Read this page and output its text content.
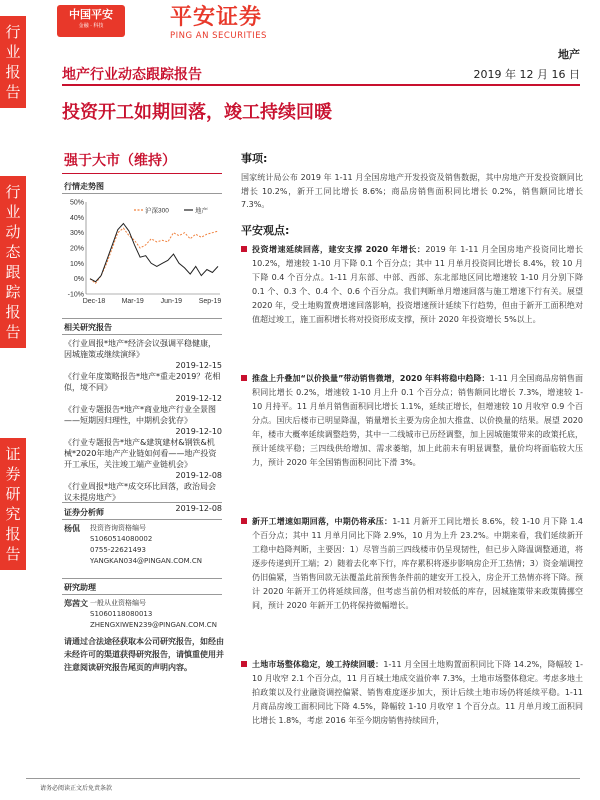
行
业
报
告
行
业
动
态
跟
踪
报
告
证
券
研
究
报
告
中国平安
金融 · 科技	平安证券
PING AN SECURITIES
地产
地产行业动态跟踪报告	2019 年 12 月 16 日
投资开工如期回落，竣工持续回暖
强于大市（维持）
行情走势图
-10%
0%
10%
20%
30%
40%
50%
Dec-18 Mar-19 Jun-19 Sep-19
沪深300	地产
相关研究报告
《行业周报*地产*经济会议强调平稳健康，因城施策或继续演绎》
2019-12-15
《行业年度策略报告*地产*重走2019？花相似，境不同》
2019-12-12
《行业专题报告*地产*商业地产行业全景图——短期因归理性，中期机会犹存》
2019-12-10
《行业专题报告*地产&建筑建材&钢铁&机械*2020年地产产业链如何看——地产投资开工承压，关注竣工端产业链机会》
2019-12-08
《行业周报*地产*成交环比回落，政治局会议未提房地产》
2019-12-08
证券分析师
杨侃 投资咨询资格编号
S1060514080002
0755-22621493
YANGKAN034@PINGAN.COM.CN
研究助理
郑茜文 一般从业资格编号
S1060118080013
ZHENGXIWEN239@PINGAN.COM.CN
请通过合法途径获取本公司研究报告，如经由未经许可的渠道获得研究报告，请慎重使用并注意阅读研究报告尾页的声明内容。
事项:
国家统计局公布 2019 年 1-11 月全国房地产开发投资及销售数据，其中房地产开发投资额同比增长 10.2%，新开工同比增长 8.6%；商品房销售面积同比增长 0.2%，销售额同比增长 7.3%。
平安观点:
投资增速延续回落，建安支撑 2020 年增长：2019 年 1-11 月全国房地产投资同比增长 10.2%，增速较 1-10 月下降 0.1 个百分点；其中 11 月单月投资同比增长 8.4%，较 10 月下降 0.4 个百分点。1-11 月东部、中部、西部、东北部地区同比增速较 1-10 月分别下降 0.1 个、0.3 个、0.4 个、0.6 个百分点。我们判断单月增速回落与施工增速下行有关。展望 2020 年，受土地购置费增速回落影响，投资增速预计延续下行趋势，但由于新开工面积绝对值超过竣工，施工面积增长将对投资形成支撑，预计 2020 年投资增长 5%以上。
推盘上升叠加“以价换量”带动销售微增，2020 年料将稳中趋降：1-11 月全国商品房销售面积同比增长 0.2%，增速较 1-10 月上升 0.1 个百分点；销售额同比增长 7.3%，增速较 1-10 月持平。11 月单月销售面积同比增长 1.1%，延续正增长，但增速较 10 月收窄 0.9 个百分点。国庆后楼市已明显降温，销量增长主要为房企加大推盘、以价换量的结果。展望 2020 年，楼市大概率延续调整趋势，其中一二线城市已历经调整，加上因城施策带来的政策托底，预计延续平稳；三四线供给增加、需求萎缩，加上此前未有明显调整，量价均将面临较大压力，预计 2020 年全国销售面积同比下滑 3%。
新开工增速如期回落，中期仍将承压：1-11 月新开工同比增长 8.6%，较 1-10 月下降 1.4 个百分点；其中 11 月单月同比下降 2.9%，10 月为上升 23.2%。中期来看，我们延续新开工稳中趋降判断，主要因：1）尽管当前三四线楼市仍呈现韧性，但已步入降温调整通道，将逐步传递到开工端；2）随着去化率下行，库存累积将逐步影响房企开工热情；3）资金端调控仍旧偏紧，当销售回款无法覆盖此前预售条件前的建安开工投入，房企开工热情亦将下降。预计 2020 年新开工仍将延续回落，但考虑当前仍相对较低的库存，因城施策带来政策腾挪空间，预计 2020 年新开工仍将保持微幅增长。
土地市场整体稳定，竣工持续回暖：1-11 月全国土地购置面积同比下降 14.2%，降幅较 1-10 月收窄 2.1 个百分点，11 月百城土地成交溢价率 7.3%，土地市场整体稳定。考虑多地土拍政策以及行业融资调控偏紧、销售难度逐步加大，预计后续土地市场仍将延续平稳。1-11 月商品房竣工面积同比下降 4.5%，降幅较 1-10 月收窄 1 个百分点。11 月单月竣工面积同比增长 1.8%，考虑 2016 年至今期房销售持续回升，
请务必阅读正文后免责条款
